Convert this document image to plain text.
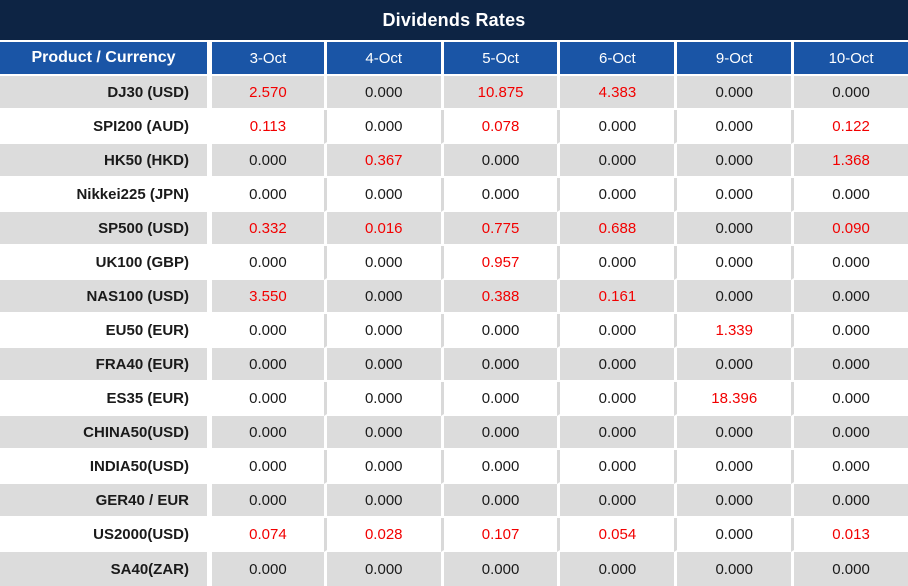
Dividends Rates
Product / Currency	3-Oct	4-Oct	5-Oct	6-Oct	9-Oct	10-Oct
DJ30 (USD)	2.570	0.000	10.875	4.383	0.000	0.000
SPI200 (AUD)	0.113	0.000	0.078	0.000	0.000	0.122
HK50 (HKD)	0.000	0.367	0.000	0.000	0.000	1.368
Nikkei225 (JPN)	0.000	0.000	0.000	0.000	0.000	0.000
SP500 (USD)	0.332	0.016	0.775	0.688	0.000	0.090
UK100 (GBP)	0.000	0.000	0.957	0.000	0.000	0.000
NAS100 (USD)	3.550	0.000	0.388	0.161	0.000	0.000
EU50 (EUR)	0.000	0.000	0.000	0.000	1.339	0.000
FRA40 (EUR)	0.000	0.000	0.000	0.000	0.000	0.000
ES35 (EUR)	0.000	0.000	0.000	0.000	18.396	0.000
CHINA50(USD)	0.000	0.000	0.000	0.000	0.000	0.000
INDIA50(USD)	0.000	0.000	0.000	0.000	0.000	0.000
GER40 / EUR	0.000	0.000	0.000	0.000	0.000	0.000
US2000(USD)	0.074	0.028	0.107	0.054	0.000	0.013
SA40(ZAR)	0.000	0.000	0.000	0.000	0.000	0.000
